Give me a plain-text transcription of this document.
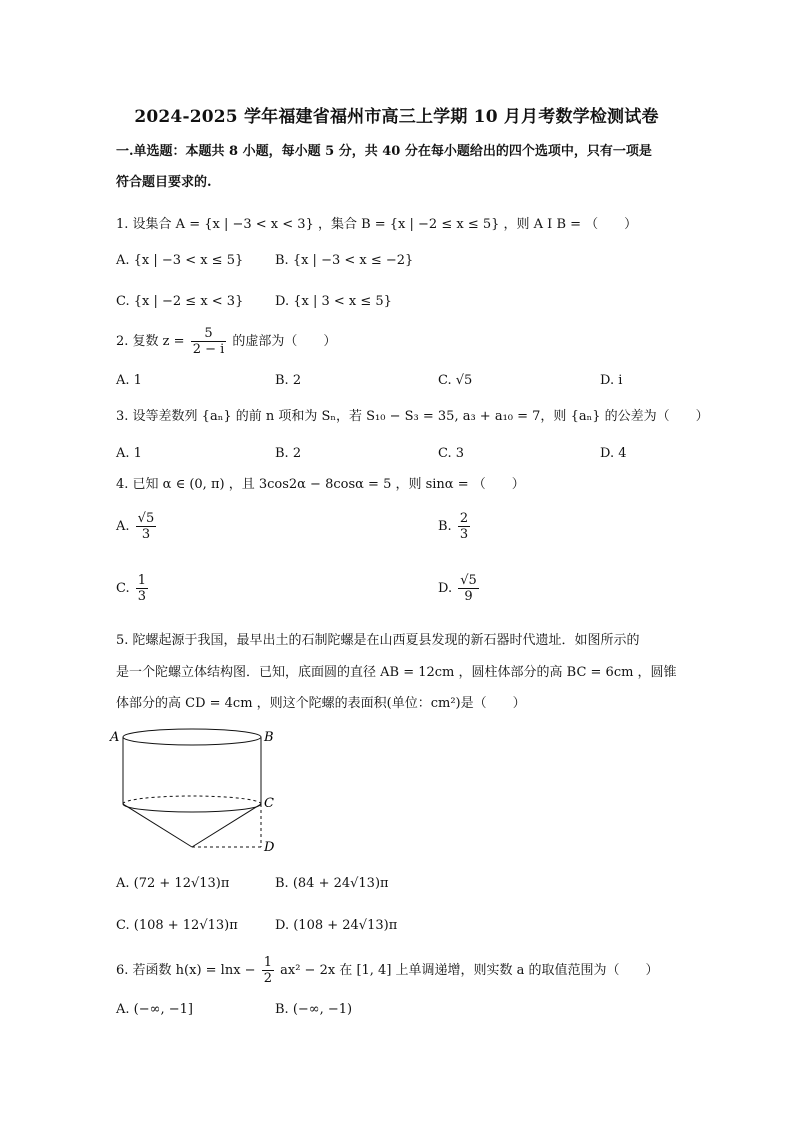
2024-2025 学年福建省福州市高三上学期 10 月月考数学检测试卷
一.单选题：本题共 8 小题，每小题 5 分，共 40 分在每小题给出的四个选项中，只有一项是
符合题目要求的.
1. 设集合 A = {x | −3 < x < 3} ，集合 B = {x | −2 ≤ x ≤ 5} ，则 A I B = （　　）
A. {x | −3 < x ≤ 5} B. {x | −3 < x ≤ −2}
C. {x | −2 ≤ x < 3} D. {x | 3 < x ≤ 5}
2. 复数 $z = \frac{5}{2 - i}$ 的虚部为（　　）
A. 1	B. 2	C. √5	D. i
3. 设等差数列 {aₙ} 的前 n 项和为 Sₙ，若 S₁₀ − S₃ = 35, a₃ + a₁₀ = 7，则 {aₙ} 的公差为（　　）
A. 1	B. 2	C. 3	D. 4
4. 已知 α ∈ (0, π) ，且 3cos2α − 8cosα = 5 ，则 sinα = （　　）
A. $\frac{√5}{3}$	B. $\frac{2}{3}$
C. $\frac{1}{3}$	D. $\frac{√5}{9}$
5. 陀螺起源于我国，最早出土的石制陀螺是在山西夏县发现的新石器时代遗址．如图所示的
是一个陀螺立体结构图．已知，底面圆的直径 AB = 12cm ，圆柱体部分的高 BC = 6cm ，圆锥
体部分的高 CD = 4cm ，则这个陀螺的表面积(单位：cm²)是（　　）
A	B
C
D
A. (72 + 12√13)π	B. (84 + 24√13)π
C. (108 + 12√13)π	D. (108 + 24√13)π
6. 若函数 $h(x) = \ln x - \frac{1}{2} ax^2 - 2x$ 在 [1, 4] 上单调递增，则实数 a 的取值范围为（　　）
A. (−∞, −1]	B. (−∞, −1)
